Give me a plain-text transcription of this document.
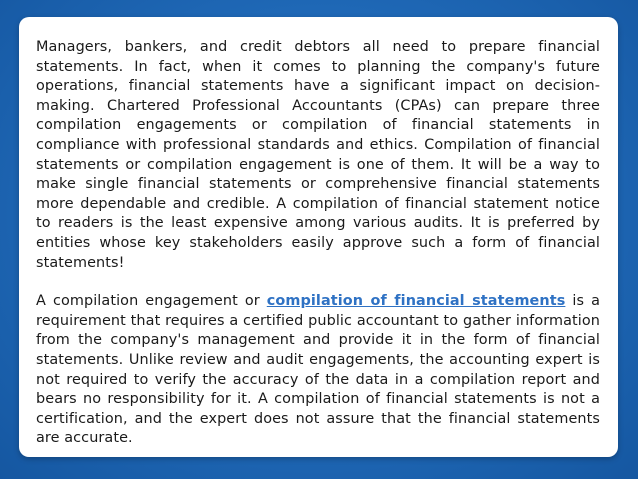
Managers, bankers, and credit debtors all need to prepare financial statements. In fact, when it comes to planning the company's future operations, financial statements have a significant impact on decision-making. Chartered Professional Accountants (CPAs) can prepare three compilation engagements or compilation of financial statements in compliance with professional standards and ethics. Compilation of financial statements or compilation engagement is one of them. It will be a way to make single financial statements or comprehensive financial statements more dependable and credible. A compilation of financial statement notice to readers is the least expensive among various audits. It is preferred by entities whose key stakeholders easily approve such a form of financial statements!

A compilation engagement or compilation of financial statements is a requirement that requires a certified public accountant to gather information from the company's management and provide it in the form of financial statements. Unlike review and audit engagements, the accounting expert is not required to verify the accuracy of the data in a compilation report and bears no responsibility for it. A compilation of financial statements is not a certification, and the expert does not assure that the financial statements are accurate.
